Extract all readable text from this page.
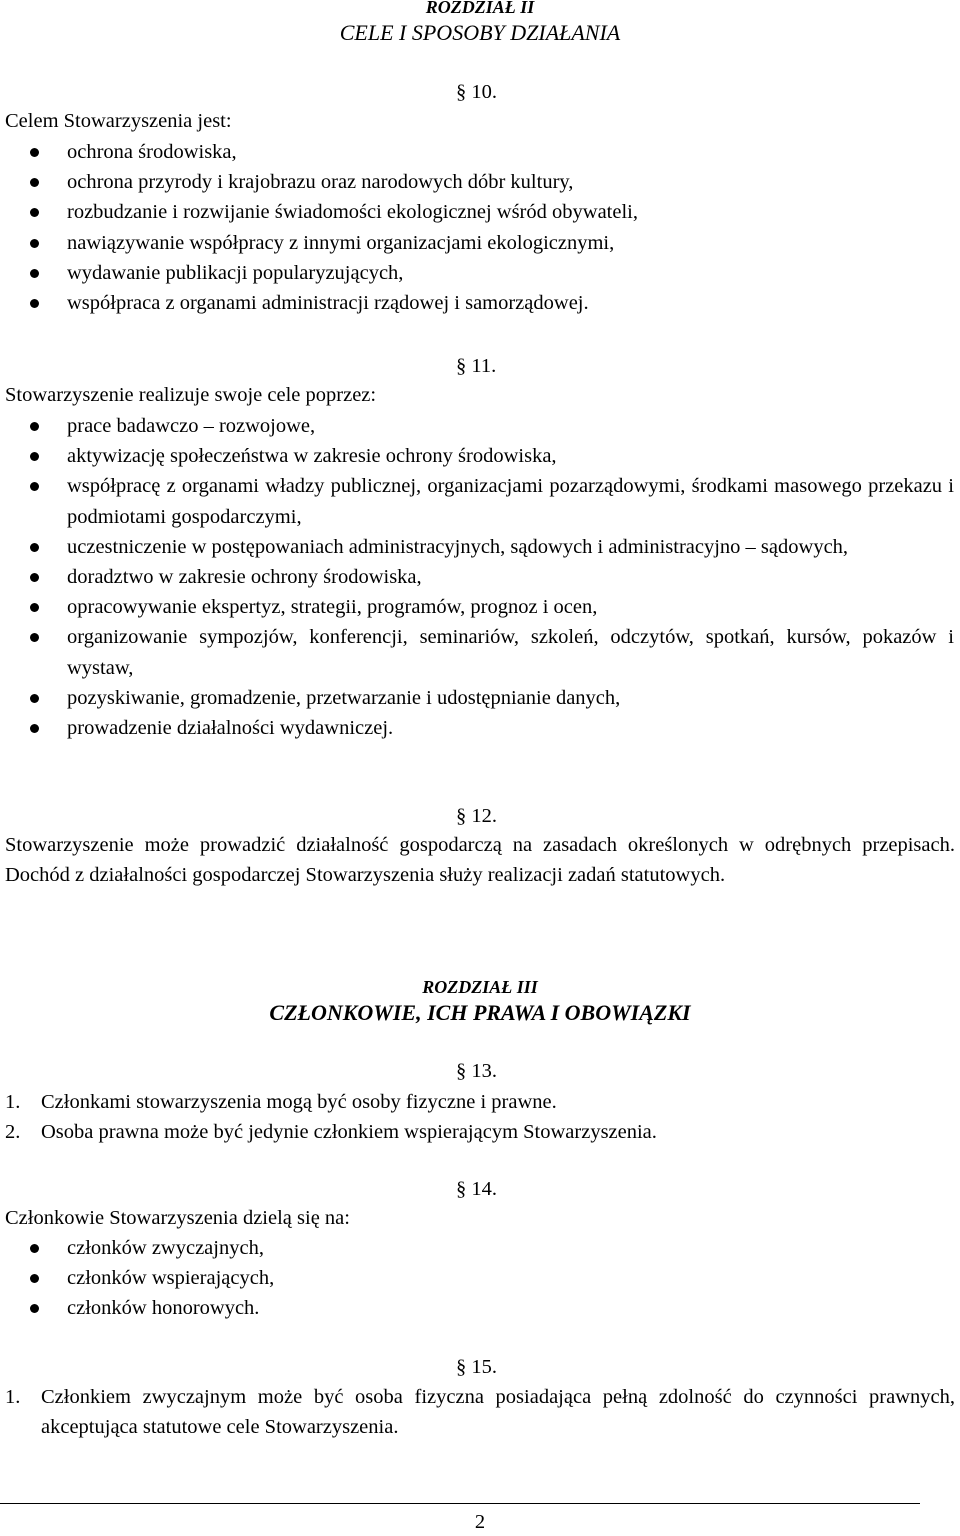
ROZDZIAŁ II
CELE I SPOSOBY DZIAŁANIA
§ 10.
Celem Stowarzyszenia jest:
ochrona środowiska,
ochrona przyrody i krajobrazu oraz narodowych dóbr kultury,
rozbudzanie i rozwijanie świadomości ekologicznej wśród obywateli,
nawiązywanie współpracy z innymi organizacjami ekologicznymi,
wydawanie publikacji popularyzujących,
współpraca z organami administracji rządowej i samorządowej.
§ 11.
Stowarzyszenie realizuje swoje cele poprzez:
prace badawczo – rozwojowe,
aktywizację społeczeństwa w zakresie ochrony środowiska,
współpracę z organami władzy publicznej, organizacjami pozarządowymi, środkami masowego przekazu i podmiotami gospodarczymi,
uczestniczenie w postępowaniach administracyjnych, sądowych i administracyjno – sądowych,
doradztwo w zakresie ochrony środowiska,
opracowywanie ekspertyz, strategii, programów, prognoz i ocen,
organizowanie sympozjów, konferencji, seminariów, szkoleń, odczytów, spotkań, kursów, pokazów i wystaw,
pozyskiwanie, gromadzenie, przetwarzanie i udostępnianie danych,
prowadzenie działalności wydawniczej.
§ 12.
Stowarzyszenie może prowadzić działalność gospodarczą na zasadach określonych w odrębnych przepisach. Dochód z działalności gospodarczej Stowarzyszenia służy realizacji zadań statutowych.
ROZDZIAŁ III
CZŁONKOWIE, ICH PRAWA I OBOWIĄZKI
§ 13.
1. Członkami stowarzyszenia mogą być osoby fizyczne i prawne.
2. Osoba prawna może być jedynie członkiem wspierającym Stowarzyszenia.
§ 14.
Członkowie Stowarzyszenia dzielą się na:
członków zwyczajnych,
członków wspierających,
członków honorowych.
§ 15.
1. Członkiem zwyczajnym może być osoba fizyczna posiadająca pełną zdolność do czynności prawnych, akceptująca statutowe cele Stowarzyszenia.
2
